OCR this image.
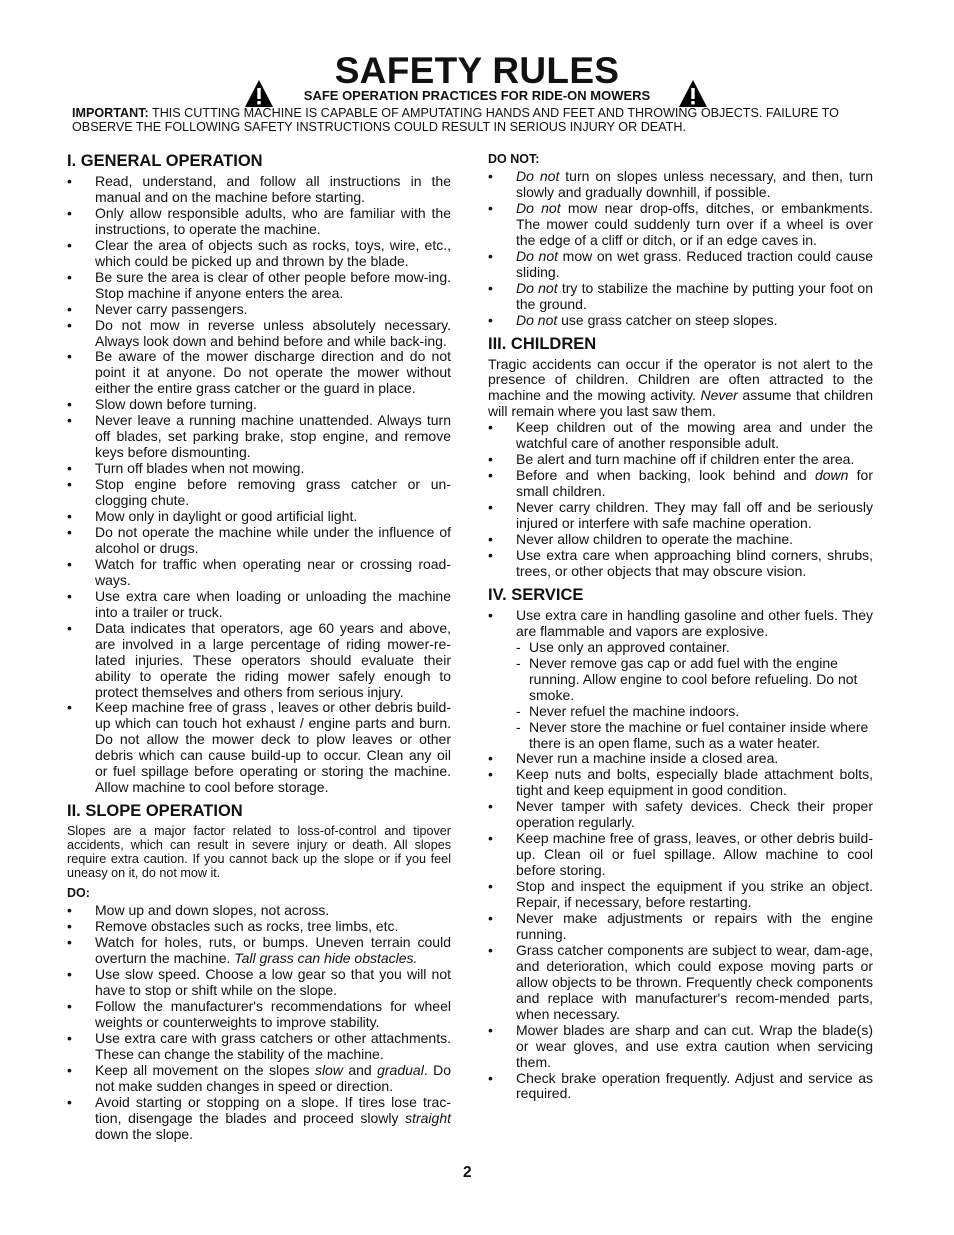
SAFETY RULES
SAFE OPERATION PRACTICES FOR RIDE-ON MOWERS
IMPORTANT: THIS CUTTING MACHINE IS CAPABLE OF AMPUTATING HANDS AND FEET AND THROWING OBJECTS. FAILURE TO OBSERVE THE FOLLOWING SAFETY INSTRUCTIONS COULD RESULT IN SERIOUS INJURY OR DEATH.
I. GENERAL OPERATION
• Read, understand, and follow all instructions in the manual and on the machine before starting.
• Only allow responsible adults, who are familiar with the instructions, to operate the machine.
• Clear the area of objects such as rocks, toys, wire, etc., which could be picked up and thrown by the blade.
• Be sure the area is clear of other people before mow-ing. Stop machine if anyone enters the area.
• Never carry passengers.
• Do not mow in reverse unless absolutely necessary. Always look down and behind before and while back-ing.
• Be aware of the mower discharge direction and do not point it at anyone. Do not operate the mower without either the entire grass catcher or the guard in place.
• Slow down before turning.
• Never leave a running machine unattended. Always turn off blades, set parking brake, stop engine, and remove keys before dismounting.
• Turn off blades when not mowing.
• Stop engine before removing grass catcher or un-clogging chute.
• Mow only in daylight or good artificial light.
• Do not operate the machine while under the influence of alcohol or drugs.
• Watch for traffic when operating near or crossing road-ways.
• Use extra care when loading or unloading the machine into a trailer or truck.
• Data indicates that operators, age 60 years and above, are involved in a large percentage of riding mower-re-lated injuries. These operators should evaluate their ability to operate the riding mower safely enough to protect themselves and others from serious injury.
• Keep machine free of grass , leaves or other debris build-up which can touch hot exhaust / engine parts and burn. Do not allow the mower deck to plow leaves or other debris which can cause build-up to occur. Clean any oil or fuel spillage before operating or storing the machine. Allow machine to cool before storage.
II. SLOPE OPERATION

Slopes are a major factor related to loss-of-control and tipover accidents, which can result in severe injury or death. All slopes require extra caution. If you cannot back up the slope or if you feel uneasy on it, do not mow it.

DO:
• Mow up and down slopes, not across.
• Remove obstacles such as rocks, tree limbs, etc.
• Watch for holes, ruts, or bumps. Uneven terrain could overturn the machine. Tall grass can hide obstacles.
• Use slow speed. Choose a low gear so that you will not have to stop or shift while on the slope.
• Follow the manufacturer's recommendations for wheel weights or counterweights to improve stability.
• Use extra care with grass catchers or other attachments. These can change the stability of the machine.
• Keep all movement on the slopes slow and gradual. Do not make sudden changes in speed or direction.
• Avoid starting or stopping on a slope. If tires lose trac-tion, disengage the blades and proceed slowly straight down the slope.
DO NOT:
• Do not turn on slopes unless necessary, and then, turn slowly and gradually downhill, if possible.
• Do not mow near drop-offs, ditches, or embankments. The mower could suddenly turn over if a wheel is over the edge of a cliff or ditch, or if an edge caves in.
• Do not mow on wet grass. Reduced traction could cause sliding.
• Do not try to stabilize the machine by putting your foot on the ground.
• Do not use grass catcher on steep slopes.
III. CHILDREN

Tragic accidents can occur if the operator is not alert to the presence of children. Children are often attracted to the machine and the mowing activity. Never assume that children will remain where you last saw them.

• Keep children out of the mowing area and under the watchful care of another responsible adult.
• Be alert and turn machine off if children enter the area.
• Before and when backing, look behind and down for small children.
• Never carry children. They may fall off and be seriously injured or interfere with safe machine operation.
• Never allow children to operate the machine.
• Use extra care when approaching blind corners, shrubs, trees, or other objects that may obscure vision.
IV. SERVICE
• Use extra care in handling gasoline and other fuels. They are flammable and vapors are explosive.
- Use only an approved container.
- Never remove gas cap or add fuel with the engine running. Allow engine to cool before refueling. Do not smoke.
- Never refuel the machine indoors.
- Never store the machine or fuel container inside where there is an open flame, such as a water heater.
• Never run a machine inside a closed area.
• Keep nuts and bolts, especially blade attachment bolts, tight and keep equipment in good condition.
• Never tamper with safety devices. Check their proper operation regularly.
• Keep machine free of grass, leaves, or other debris build-up. Clean oil or fuel spillage. Allow machine to cool before storing.
• Stop and inspect the equipment if you strike an object. Repair, if necessary, before restarting.
• Never make adjustments or repairs with the engine running.
• Grass catcher components are subject to wear, dam-age, and deterioration, which could expose moving parts or allow objects to be thrown. Frequently check components and replace with manufacturer's recom-mended parts, when necessary.
• Mower blades are sharp and can cut. Wrap the blade(s) or wear gloves, and use extra caution when servicing them.
• Check brake operation frequently. Adjust and service as required.
2
